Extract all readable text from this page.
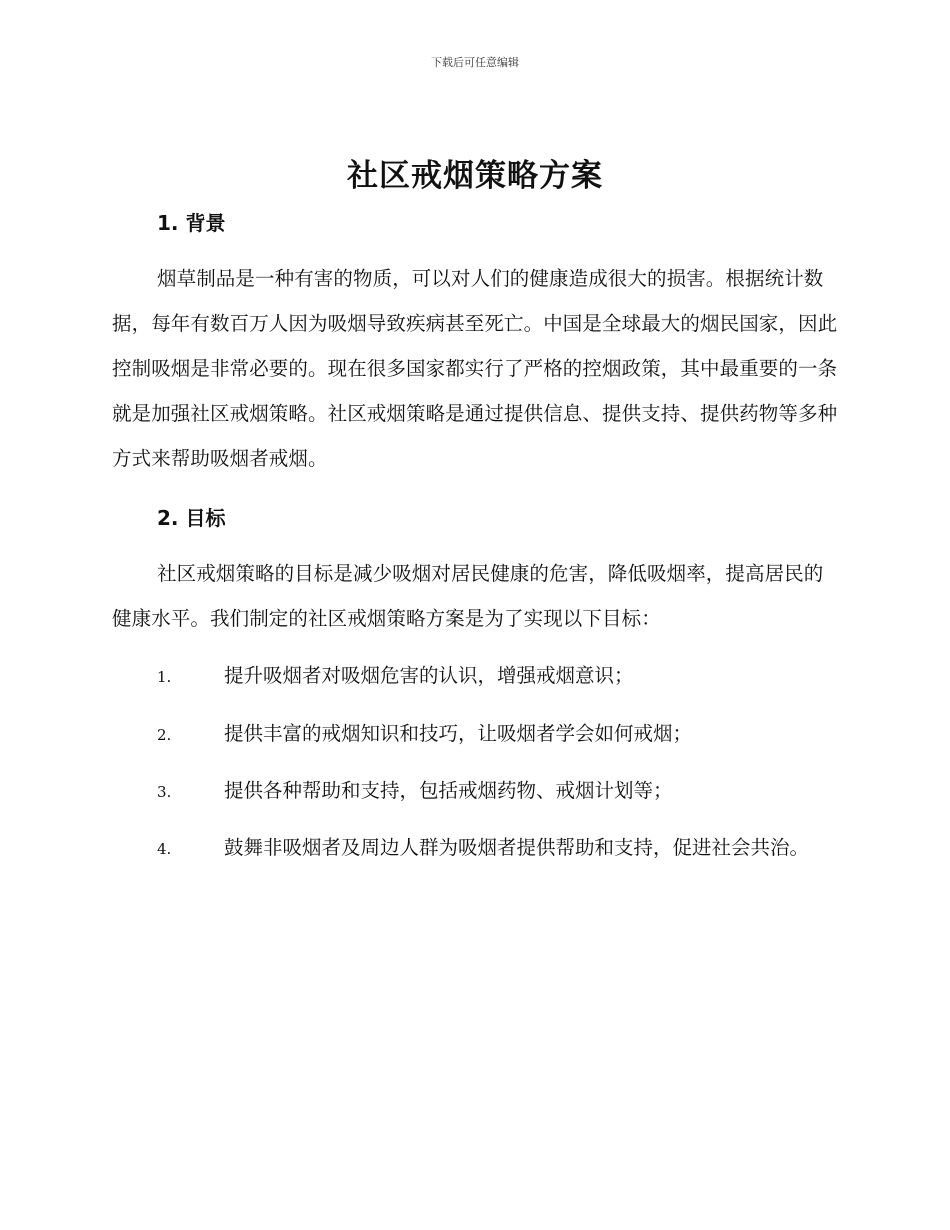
下载后可任意编辑
社区戒烟策略方案
1. 背景

烟草制品是一种有害的物质，可以对人们的健康造成很大的损害。根据统计数据，每年有数百万人因为吸烟导致疾病甚至死亡。中国是全球最大的烟民国家，因此控制吸烟是非常必要的。现在很多国家都实行了严格的控烟政策，其中最重要的一条就是加强社区戒烟策略。社区戒烟策略是通过提供信息、提供支持、提供药物等多种方式来帮助吸烟者戒烟。

2. 目标

社区戒烟策略的目标是减少吸烟对居民健康的危害，降低吸烟率，提高居民的健康水平。我们制定的社区戒烟策略方案是为了实现以下目标：

1.	提升吸烟者对吸烟危害的认识，增强戒烟意识；
2.	提供丰富的戒烟知识和技巧，让吸烟者学会如何戒烟；
3.	提供各种帮助和支持，包括戒烟药物、戒烟计划等；
4.	鼓舞非吸烟者及周边人群为吸烟者提供帮助和支持，促进社会共治。
